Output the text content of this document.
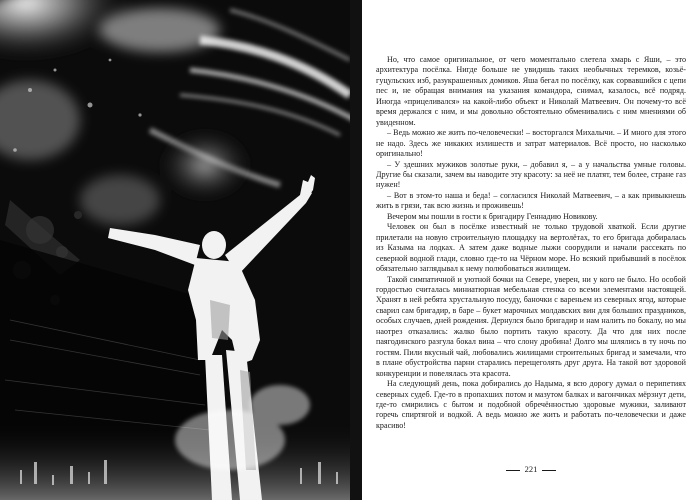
Но, что самое оригинальное, от чего моментально слетела хмарь с Яши, – это архитектура посёлка. Нигде больше не увидишь таких необычных теремков, козьё-гуцульских изб, разукрашенных домиков. Яша бегал по посёлку, как сорвавшийся с цепи пес и, не обращая внимания на указания командора, снимал, казалось, всё подряд. Иногда «прицеливался» на какой-либо объект и Николай Матвеевич. Он почему-то всё время держался с ним, и мы довольно обстоятельно обменивались с ним мнениями об увиденном.

– Ведь можно же жить по-человечески! – восторгался Михалычи. – И много для этого не надо. Здесь же никаких излишеств и затрат материалов. Всё просто, но насколько оригинально!

– У здешних мужиков золотые руки, – добавил я, – а у начальства умные головы. Другие бы сказали, зачем вы наводите эту красоту: за неё не платят, тем более, стране газ нужен!

– Вот в этом-то наша и беда! – согласился Николай Матвеевич, – а как привыкнешь жить в грязи, так всю жизнь и проживешь!

Вечером мы пошли в гости к бригадиру Геннадию Новикову.

Человек он был в посёлке известный не только трудовой хваткой. Если другие прилетали на новую строительную площадку на вертолётах, то его бригада добиралась из Казыма на лодках. А затем даже водные лыжи соорудили и начали рассекать по северной водной глади, словно где-то на Чёрном море. Но всякий прибывший в посёлок обязательно заглядывал к нему полюбоваться жилищем.

Такой симпатичной и уютной бочки на Севере, уверен, ни у кого не было. Но особой гордостью считалась миниатюрная мебельная стенка со всеми элементами настоящей. Хранят в ней ребята хрустальную посуду, баночки с вареньем из северных ягод, которые сварил сам бригадир, в баре – букет марочных молдавских вин для больших праздников, особых случаев, дней рождения. Дернулся было бригадир и нам налить по бокалу, но мы наотрез отказались: жалко было портить такую красоту. Да что для них после паягодинского разгула бокал вина – что слону дробина! Долго мы шлялись в ту ночь по гостям. Пили вкусный чай, любовались жилищами строительных бригад и замечали, что в плане обустройства парни старались перещеголять друг друга. На такой вот здоровой конкуренции и повелялась эта красота.

На следующий день, пока добирались до Надыма, я всю дорогу думал о перипетиях северных судеб. Где-то в пропахших потом и мазутом балках и вагончиках мёрзнут дети, где-то смирились с бытом и подобной обречённостью здоровые мужики, заливают горечь спиртягой и водкой. А ведь можно же жить и работать по-человечески и даже красиво!

221
